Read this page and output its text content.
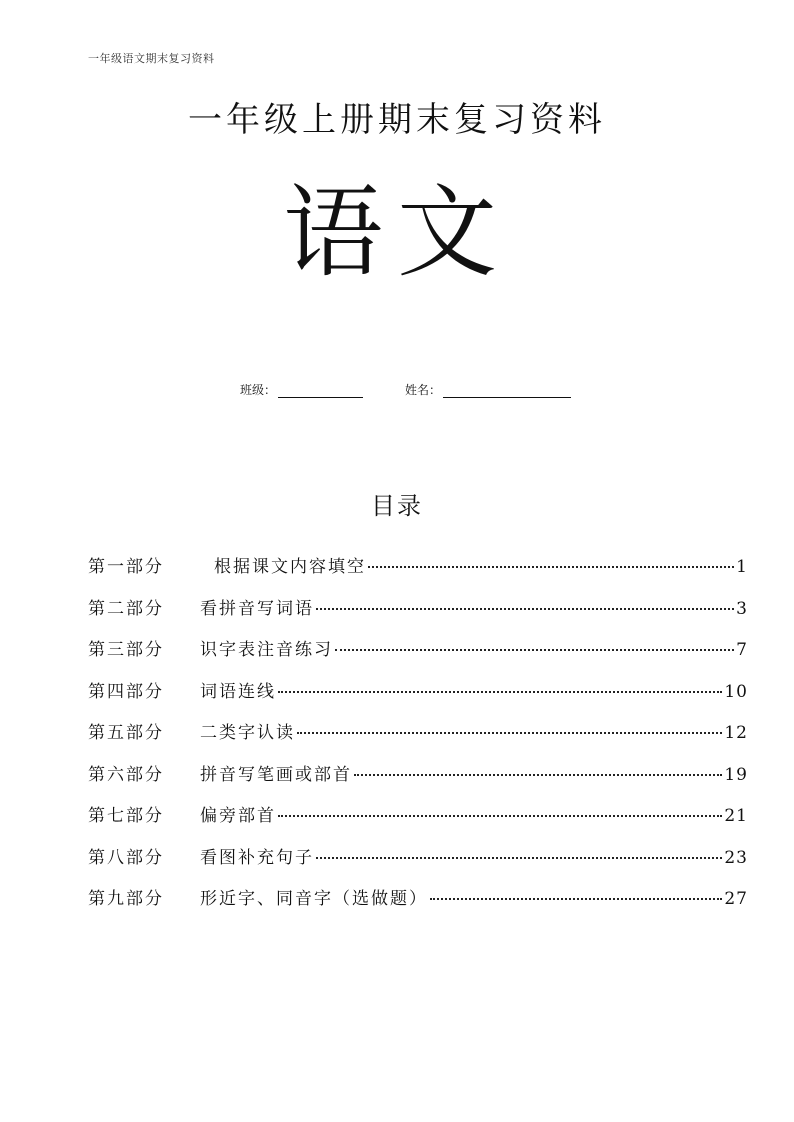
一年级语文期末复习资料
一年级上册期末复习资料
语文
班级：	姓名：
目录
第一部分	根据课文内容填空	1
第二部分	看拼音写词语	3
第三部分	识字表注音练习	7
第四部分	词语连线	10
第五部分	二类字认读	12
第六部分	拼音写笔画或部首	19
第七部分	偏旁部首	21
第八部分	看图补充句子	23
第九部分	形近字、同音字（选做题）	27
